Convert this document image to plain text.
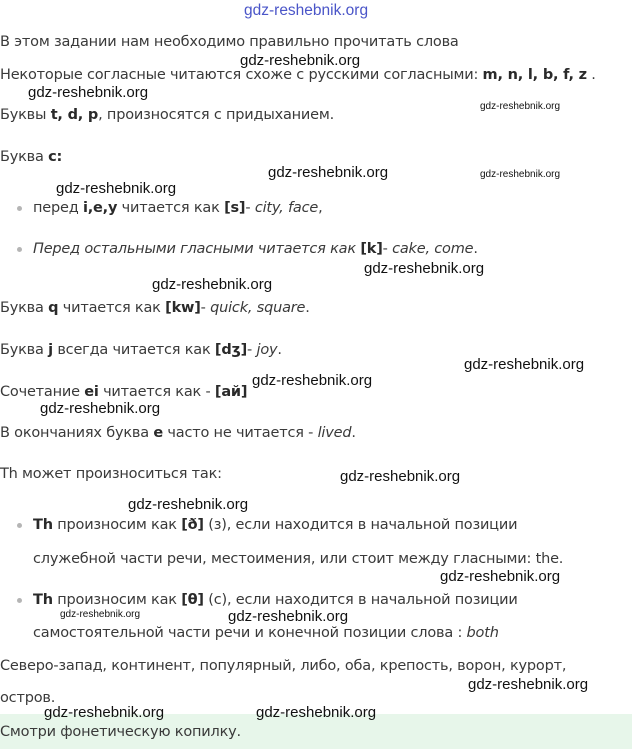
gdz-reshebnik.org
В этом задании нам необходимо правильно прочитать слова
Некоторые согласные читаются схоже с русскими согласными: m, n, l, b, f, z .
Буквы t, d, p, произносятся с придыханием.
Буква c:
перед i,e,y читается как [s]- city, face,
Перед остальными гласными читается как [k]- cake, come.
Буква q читается как [kw]- quick, square.
Буква j всегда читается как [dʒ]- joy.
Сочетание ei читается как - [ай]
В окончаниях буква e часто не читается - lived.
Th может произноситься так:
Th произносим как [ð] (з), если находится в начальной позиции
служебной части речи, местоимения, или стоит между гласными: the.
Th произносим как [θ] (с), если находится в начальной позиции
самостоятельной части речи и конечной позиции слова : both
Северо-запад, континент, популярный, либо, оба, крепость, ворон, курорт,
остров.
Смотри фонетическую копилку.
gdz-reshebnik.org
gdz-reshebnik.org
gdz-reshebnik.org
gdz-reshebnik.org	gdz-reshebnik.org
gdz-reshebnik.org
gdz-reshebnik.org
gdz-reshebnik.org
gdz-reshebnik.org
gdz-reshebnik.org
gdz-reshebnik.org
gdz-reshebnik.org
gdz-reshebnik.org
gdz-reshebnik.org
gdz-reshebnik.org	gdz-reshebnik.org
gdz-reshebnik.org
gdz-reshebnik.org	gdz-reshebnik.org
